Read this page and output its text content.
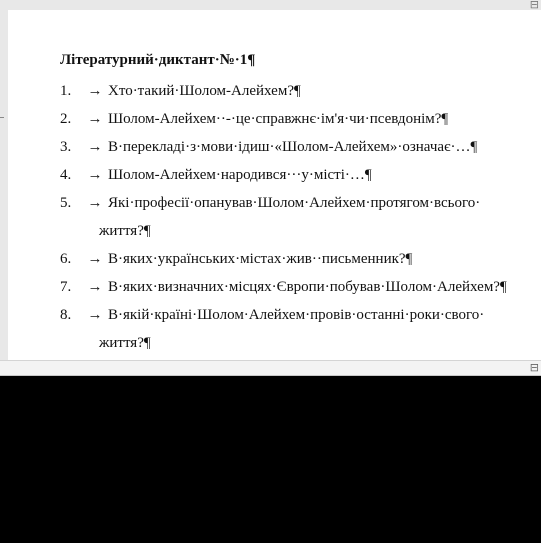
Літературний·диктант·№·1¶
1. → Хто·такий·Шолом-Алейхем?¶
2. → Шолом-Алейхем··-·це·справжнє·ім'я·чи·псевдонім?¶
3. → В·перекладі·з·мови·ідиш·«Шолом-Алейхем»·означає·…¶
4. → Шолом-Алейхем·народився···у·місті·…¶
5. → Які·професії·опанував·Шолом·Алейхем·протягом·всього·
життя?¶
6. → В·яких·українських·містах·жив··письменник?¶
7. → В·яких·визначних·місцях·Європи·побував·Шолом·Алейхем?¶
8. → В·якій·країні·Шолом·Алейхем·провів·останні·роки·свого·
життя?¶
⊟
⊟
